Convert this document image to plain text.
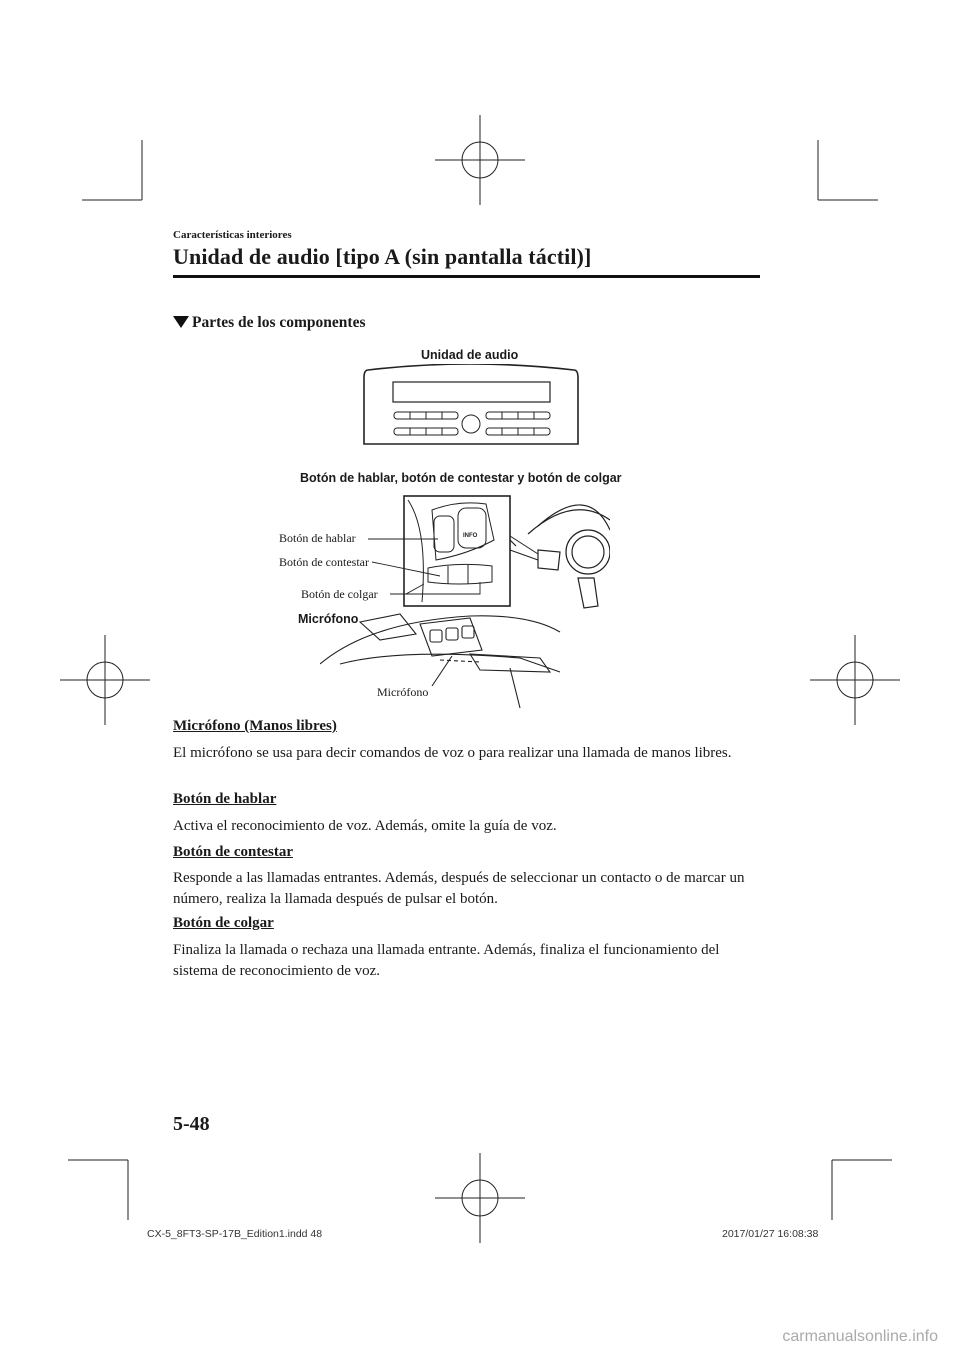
Características interiores
Unidad de audio [tipo A (sin pantalla táctil)]
Partes de los componentes
Unidad de audio
Botón de hablar, botón de contestar y botón de colgar
INFO
Botón de hablar
Botón de contestar
Botón de colgar
Micrófono
Micrófono
Micrófono (Manos libres)
El micrófono se usa para decir comandos de voz o para realizar una llamada de manos libres.
Botón de hablar
Activa el reconocimiento de voz. Además, omite la guía de voz.
Botón de contestar
Responde a las llamadas entrantes. Además, después de seleccionar un contacto o de marcar un número, realiza la llamada después de pulsar el botón.
Botón de colgar
Finaliza la llamada o rechaza una llamada entrante. Además, finaliza el funcionamiento del sistema de reconocimiento de voz.
5-48
CX-5_8FT3-SP-17B_Edition1.indd 48	2017/01/27 16:08:38
carmanualsonline.info
